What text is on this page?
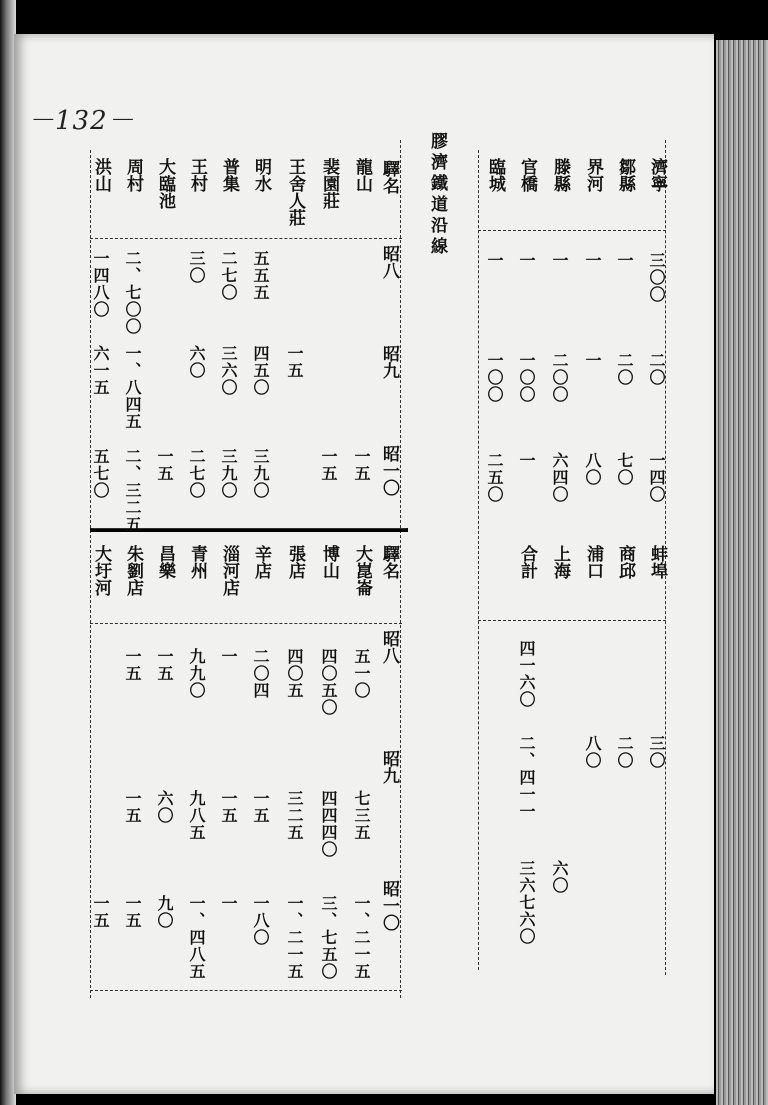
－132－
膠濟鐵道沿線	濟寧
三〇〇
二〇
一四〇
鄒縣
一
二〇
七〇
界河
一
一
八〇
滕縣
一
二〇〇
六四〇
官橋
一
一〇〇
一
臨城
一
一〇〇
二五〇
蚌埠
三〇
商邱
二〇
浦口
八〇
上海
六〇
合計
四一六〇
二、四一一
三六七六〇
驛名
昭八
昭九
昭一〇
驛名
昭八
昭九
昭一〇
龍山
一五
裴園莊
一五
王舍人莊
一五
明水
五五五
四五〇
三九〇
普集
二七〇
三六〇
三九〇
王村
三〇
六〇
二七〇
大臨池
一五
周村
二、七〇〇
一、八四五
二、三二五
洪山
一四八〇
六一五
五七〇
大崑崙
五一〇
七三五
一、二一五
博山
四〇五〇
四四四〇
三、七五〇
張店
四〇五
三二五
一、二一五
辛店
二〇四
一五
一八〇
淄河店
一
一五
一
青州
九九〇
九八五
一、四八五
昌樂
一五
六〇
九〇
朱劉店
一五
一五
一五
大圩河
一五
